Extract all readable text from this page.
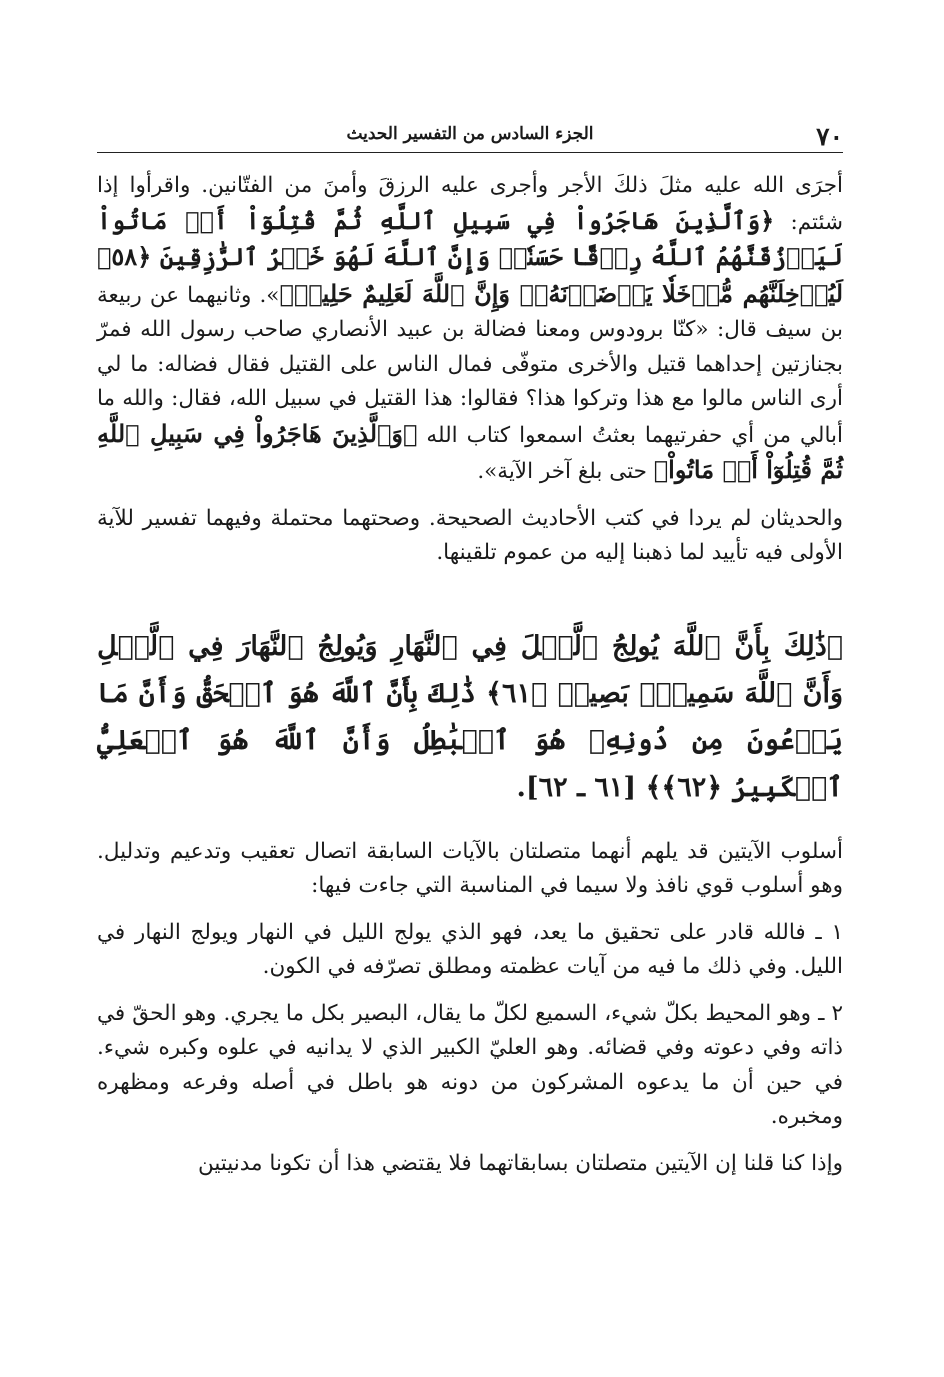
٧٠
الجزء السادس من التفسير الحديث

أجرَى الله عليه مثلَ ذلكَ الأجر وأجرى عليه الرزقَ وأمنَ من الفتّانين. واقرأوا إذا شئتم: ﴿وَٱلَّذِينَ هَاجَرُواْ فِي سَبِيلِ ٱللَّهِ ثُمَّ قُتِلُوٓاْ أَوۡ مَاتُواْ لَيَرۡزُقَنَّهُمُ ٱللَّهُ رِزۡقًا حَسَنٗاۚ وَإِنَّ ٱللَّهَ لَهُوَ خَيۡرُ ٱلرَّٰزِقِينَ ﴿٥٨﴾ لَيُدۡخِلَنَّهُم مُّدۡخَلٗا يَرۡضَوۡنَهُۥۗ وَإِنَّ ٱللَّهَ لَعَلِيمٌ حَلِيمٞ﴾». وثانيهما عن ربيعة بن سيف قال: «كنّا برودوس ومعنا فضالة بن عبيد الأنصاري صاحب رسول الله فمرّ بجنازتين إحداهما قتيل والأخرى متوفّى فمال الناس على القتيل فقال فضاله: ما لي أرى الناس مالوا مع هذا وتركوا هذا؟ فقالوا: هذا القتيل في سبيل الله، فقال: والله ما أبالي من أي حفرتيهما بعثتُ اسمعوا كتاب الله ﴿وَٱلَّذِينَ هَاجَرُواْ فِي سَبِيلِ ٱللَّهِ ثُمَّ قُتِلُوٓاْ أَوۡ مَاتُواْ﴾ حتى بلغ آخر الآية».

والحديثان لم يردا في كتب الأحاديث الصحيحة. وصحتهما محتملة وفيهما تفسير للآية الأولى فيه تأييد لما ذهبنا إليه من عموم تلقينها.

﴿ذَٰلِكَ بِأَنَّ ٱللَّهَ يُولِجُ ٱلَّيۡلَ فِي ٱلنَّهَارِ وَيُولِجُ ٱلنَّهَارَ فِي ٱلَّيۡلِ وَأَنَّ ٱللَّهَ سَمِيعُۢ بَصِيرٞ ﴿٦١﴾ ذَٰلِكَ بِأَنَّ ٱللَّهَ هُوَ ٱلۡحَقُّ وَأَنَّ مَا يَدۡعُونَ مِن دُونِهِۦ هُوَ ٱلۡبَٰطِلُ وَأَنَّ ٱللَّهَ هُوَ ٱلۡعَلِيُّ ٱلۡكَبِيرُ ﴿٦٢﴾﴾ [٦١ ـ ٦٢].

أسلوب الآيتين قد يلهم أنهما متصلتان بالآيات السابقة اتصال تعقيب وتدعيم وتدليل. وهو أسلوب قوي نافذ ولا سيما في المناسبة التي جاءت فيها:

١ ـ فالله قادر على تحقيق ما يعد، فهو الذي يولج الليل في النهار ويولج النهار في الليل. وفي ذلك ما فيه من آيات عظمته ومطلق تصرّفه في الكون.

٢ ـ وهو المحيط بكلّ شيء، السميع لكلّ ما يقال، البصير بكل ما يجري. وهو الحقّ في ذاته وفي دعوته وفي قضائه. وهو العليّ الكبير الذي لا يدانيه في علوه وكبره شيء. في حين أن ما يدعوه المشركون من دونه هو باطل في أصله وفرعه ومظهره ومخبره.

وإذا كنا قلنا إن الآيتين متصلتان بسابقاتهما فلا يقتضي هذا أن تكونا مدنيتين
